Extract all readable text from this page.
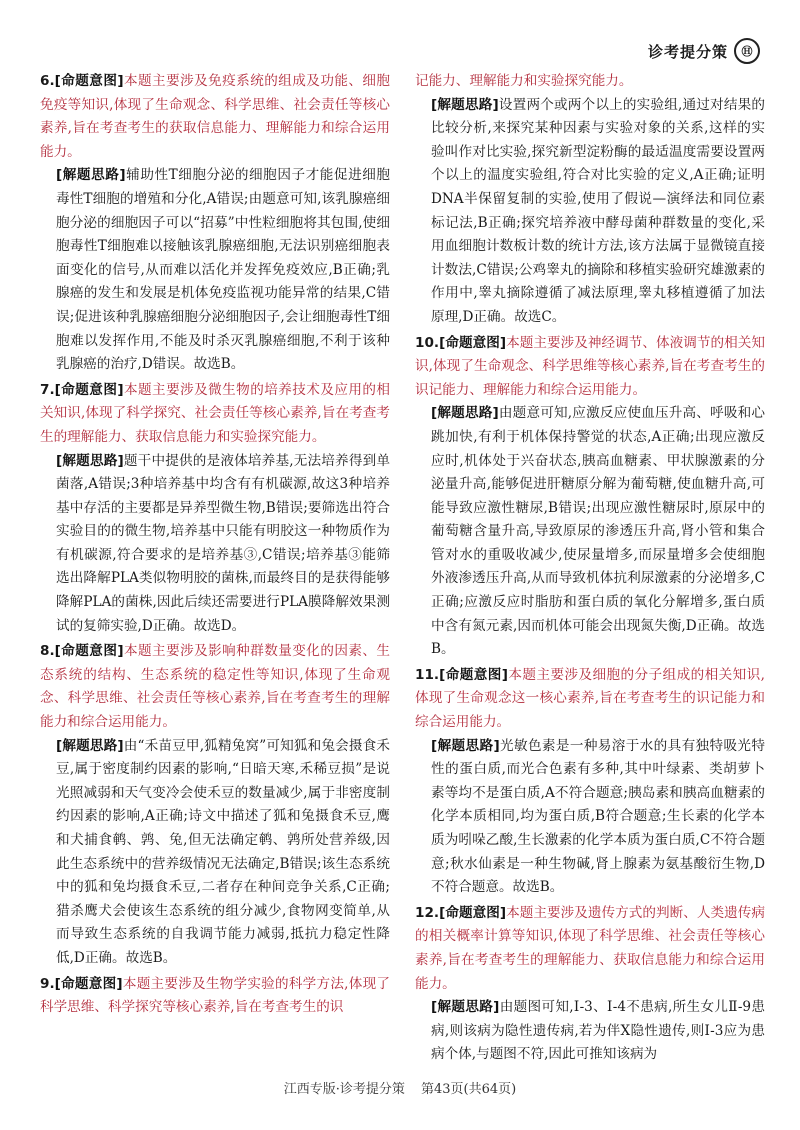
诊考提分策	Ⓗ
6.[命题意图]本题主要涉及免疫系统的组成及功能、细胞免疫等知识,体现了生命观念、科学思维、社会责任等核心素养,旨在考查考生的获取信息能力、理解能力和综合运用能力。
[解题思路]辅助性T细胞分泌的细胞因子才能促进细胞毒性T细胞的增殖和分化,A错误;由题意可知,该乳腺癌细胞分泌的细胞因子可以“招募”中性粒细胞将其包围,使细胞毒性T细胞难以接触该乳腺癌细胞,无法识别癌细胞表面变化的信号,从而难以活化并发挥免疫效应,B正确;乳腺癌的发生和发展是机体免疫监视功能异常的结果,C错误;促进该种乳腺癌细胞分泌细胞因子,会让细胞毒性T细胞难以发挥作用,不能及时杀灭乳腺癌细胞,不利于该种乳腺癌的治疗,D错误。故选B。
7.[命题意图]本题主要涉及微生物的培养技术及应用的相关知识,体现了科学探究、社会责任等核心素养,旨在考查考生的理解能力、获取信息能力和实验探究能力。
[解题思路]题干中提供的是液体培养基,无法培养得到单菌落,A错误;3种培养基中均含有有机碳源,故这3种培养基中存活的主要都是异养型微生物,B错误;要筛选出符合实验目的的微生物,培养基中只能有明胶这一种物质作为有机碳源,符合要求的是培养基③,C错误;培养基③能筛选出降解PLA类似物明胶的菌株,而最终目的是获得能够降解PLA的菌株,因此后续还需要进行PLA膜降解效果测试的复筛实验,D正确。故选D。
8.[命题意图]本题主要涉及影响种群数量变化的因素、生态系统的结构、生态系统的稳定性等知识,体现了生命观念、科学思维、社会责任等核心素养,旨在考查考生的理解能力和综合运用能力。
[解题思路]由“禾苗豆甲,狐精兔窝”可知狐和兔会摄食禾豆,属于密度制约因素的影响,“日暗天寒,禾稀豆损”是说光照减弱和天气变冷会使禾豆的数量减少,属于非密度制约因素的影响,A正确;诗文中描述了狐和兔摄食禾豆,鹰和犬捕食鹌、鹑、兔,但无法确定鹌、鹑所处营养级,因此生态系统中的营养级情况无法确定,B错误;该生态系统中的狐和兔均摄食禾豆,二者存在种间竞争关系,C正确;猎杀鹰犬会使该生态系统的组分减少,食物网变简单,从而导致生态系统的自我调节能力减弱,抵抗力稳定性降低,D正确。故选B。
9.[命题意图]本题主要涉及生物学实验的科学方法,体现了科学思维、科学探究等核心素养,旨在考查考生的识
记能力、理解能力和实验探究能力。
[解题思路]设置两个或两个以上的实验组,通过对结果的比较分析,来探究某种因素与实验对象的关系,这样的实验叫作对比实验,探究新型淀粉酶的最适温度需要设置两个以上的温度实验组,符合对比实验的定义,A正确;证明DNA半保留复制的实验,使用了假说—演绎法和同位素标记法,B正确;探究培养液中酵母菌种群数量的变化,采用血细胞计数板计数的统计方法,该方法属于显微镜直接计数法,C错误;公鸡睾丸的摘除和移植实验研究雄激素的作用中,睾丸摘除遵循了减法原理,睾丸移植遵循了加法原理,D正确。故选C。
10.[命题意图]本题主要涉及神经调节、体液调节的相关知识,体现了生命观念、科学思维等核心素养,旨在考查考生的识记能力、理解能力和综合运用能力。
[解题思路]由题意可知,应激反应使血压升高、呼吸和心跳加快,有利于机体保持警觉的状态,A正确;出现应激反应时,机体处于兴奋状态,胰高血糖素、甲状腺激素的分泌量升高,能够促进肝糖原分解为葡萄糖,使血糖升高,可能导致应激性糖尿,B错误;出现应激性糖尿时,原尿中的葡萄糖含量升高,导致原尿的渗透压升高,肾小管和集合管对水的重吸收减少,使尿量增多,而尿量增多会使细胞外液渗透压升高,从而导致机体抗利尿激素的分泌增多,C正确;应激反应时脂肪和蛋白质的氧化分解增多,蛋白质中含有氮元素,因而机体可能会出现氮失衡,D正确。故选B。
11.[命题意图]本题主要涉及细胞的分子组成的相关知识,体现了生命观念这一核心素养,旨在考查考生的识记能力和综合运用能力。
[解题思路]光敏色素是一种易溶于水的具有独特吸光特性的蛋白质,而光合色素有多种,其中叶绿素、类胡萝卜素等均不是蛋白质,A不符合题意;胰岛素和胰高血糖素的化学本质相同,均为蛋白质,B符合题意;生长素的化学本质为吲哚乙酸,生长激素的化学本质为蛋白质,C不符合题意;秋水仙素是一种生物碱,肾上腺素为氨基酸衍生物,D不符合题意。故选B。
12.[命题意图]本题主要涉及遗传方式的判断、人类遗传病的相关概率计算等知识,体现了科学思维、社会责任等核心素养,旨在考查考生的理解能力、获取信息能力和综合运用能力。
[解题思路]由题图可知,Ⅰ-3、Ⅰ-4不患病,所生女儿Ⅱ-9患病,则该病为隐性遗传病,若为伴X隐性遗传,则Ⅰ-3应为患病个体,与题图不符,因此可推知该病为
江西专版·诊考提分策 第43页(共64页)
